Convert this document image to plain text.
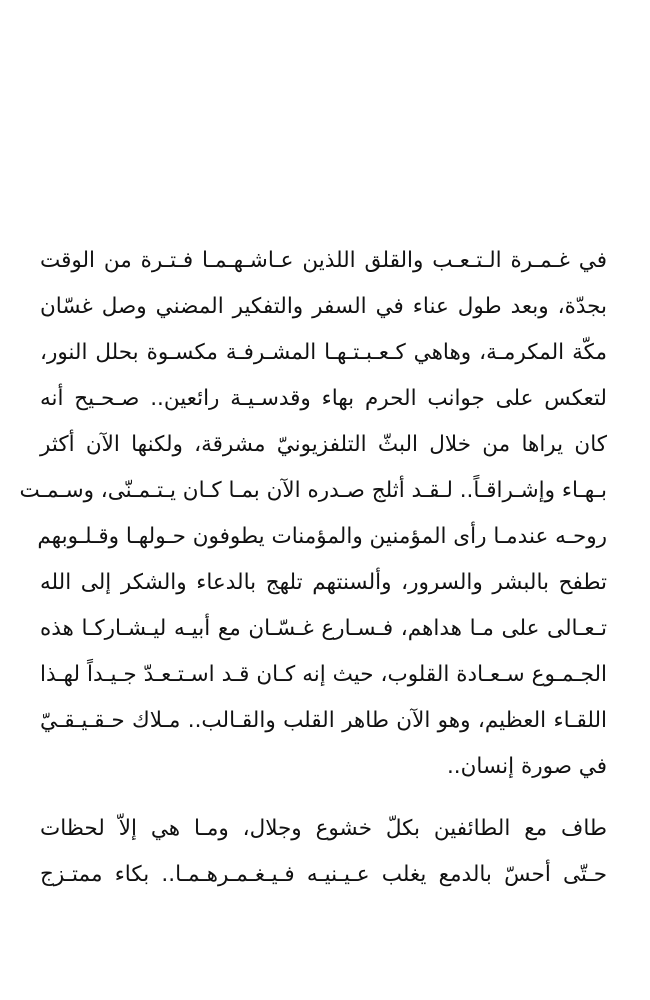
في غـمـرة الـتـعـب والقلق اللذين عـاشـهـمـا فـتـرة من الوقت
بجدّة، وبعد طول عناء في السفر والتفكير المضني وصل غسّان
مكّة المكرمـة، وهاهي كـعـبـتـهـا المشـرفـة مكسـوة بحلل النور،
لتعكس على جوانب الحرم بهاء وقدسـيـة رائعين.. صـحـيح أنه
كان يراها من خلال البثّ التلفزيونيّ مشرقة، ولكنها الآن أكثر
بـهـاء وإشـراقـاً.. لـقـد أثلج صـدره الآن بمـا كـان يـتـمـنّى، وسـمـت
روحـه عندمـا رأى المؤمنين والمؤمنات يطوفون حـولهـا وقـلـوبهم
تطفح بالبشر والسرور، وألسنتهم تلهج بالدعاء والشكر إلى الله
تـعـالى على مـا هداهم، فـسـارع غـسّـان مع أبيـه ليـشـاركـا هذه
الجـمـوع سـعـادة القلوب، حيث إنه كـان قـد اسـتـعـدّ جـيـداً لهـذا
اللقـاء العظيم، وهو الآن طاهر القلب والقـالب.. مـلاك حـقـيـقـيّ
في صورة إنسان..
طاف مع الطائفين بكلّ خشوع وجلال، ومـا هي إلاّ لحظات
حـتّى أحسّ بالدمع يغلب عـيـنيـه فـيـغـمـرهـمـا.. بكاء ممتـزج
